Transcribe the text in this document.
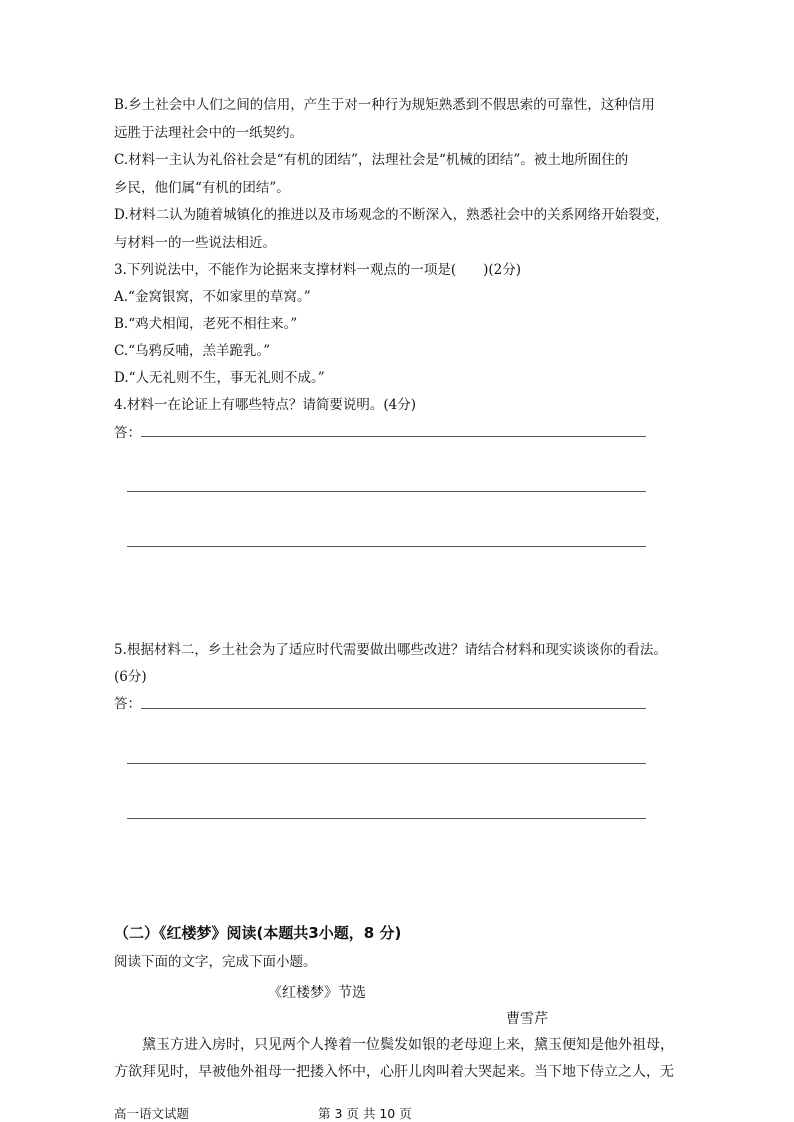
B.乡土社会中人们之间的信用，产生于对一种行为规矩熟悉到不假思索的可靠性，这种信用
远胜于法理社会中的一纸契约。
C.材料一主认为礼俗社会是“有机的团结”，法理社会是“机械的团结”。被土地所囿住的
乡民，他们属“有机的团结”。
D.材料二认为随着城镇化的推进以及市场观念的不断深入，熟悉社会中的关系网络开始裂变，
与材料一的一些说法相近。
3.下列说法中，不能作为论据来支撑材料一观点的一项是(　　)(2分)
A.“金窝银窝，不如家里的草窝。”
B.“鸡犬相闻，老死不相往来。”
C.“乌鸦反哺，羔羊跪乳。”
D.“人无礼则不生，事无礼则不成。”
4.材料一在论证上有哪些特点？请简要说明。(4分)
答：
5.根据材料二，乡土社会为了适应时代需要做出哪些改进？请结合材料和现实谈谈你的看法。
(6分)
答：
（二）《红楼梦》阅读(本题共3小题，8 分)
阅读下面的文字，完成下面小题。
《红楼梦》节选
曹雪芹
黛玉方进入房时，只见两个人搀着一位鬓发如银的老母迎上来，黛玉便知是他外祖母，
方欲拜见时，早被他外祖母一把搂入怀中，心肝儿肉叫着大哭起来。当下地下侍立之人，无
高一语文试题	第 3 页 共 10 页
